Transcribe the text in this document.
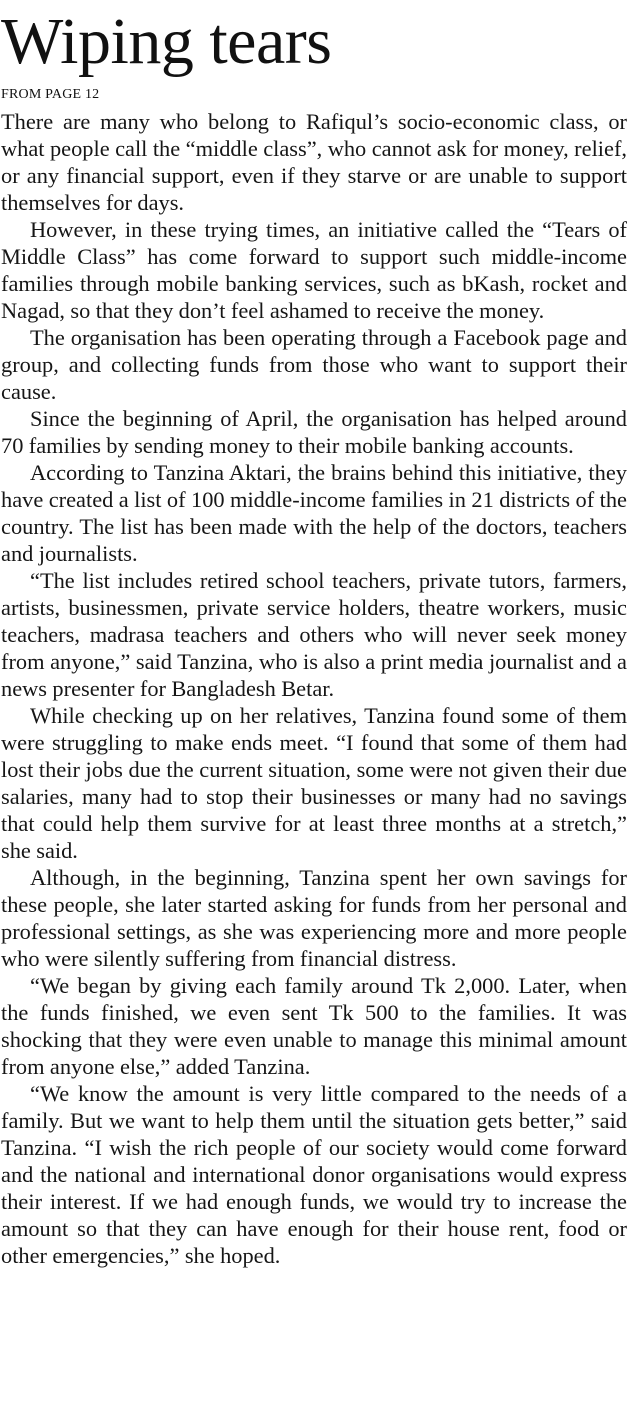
Wiping tears
FROM PAGE 12

There are many who belong to Rafiqul’s socio-economic class, or what people call the “middle class”, who cannot ask for money, relief, or any financial support, even if they starve or are unable to support themselves for days.

However, in these trying times, an initiative called the “Tears of Middle Class” has come forward to support such middle-income families through mobile banking services, such as bKash, rocket and Nagad, so that they don’t feel ashamed to receive the money.

The organisation has been operating through a Facebook page and group, and collecting funds from those who want to support their cause.

Since the beginning of April, the organisation has helped around 70 families by sending money to their mobile banking accounts.

According to Tanzina Aktari, the brains behind this initiative, they have created a list of 100 middle-income families in 21 districts of the country. The list has been made with the help of the doctors, teachers and journalists.

“The list includes retired school teachers, private tutors, farmers, artists, businessmen, private service holders, theatre workers, music teachers, madrasa teachers and others who will never seek money from anyone,” said Tanzina, who is also a print media journalist and a news presenter for Bangladesh Betar.

While checking up on her relatives, Tanzina found some of them were struggling to make ends meet. “I found that some of them had lost their jobs due the current situation, some were not given their due salaries, many had to stop their businesses or many had no savings that could help them survive for at least three months at a stretch,” she said.

Although, in the beginning, Tanzina spent her own savings for these people, she later started asking for funds from her personal and professional settings, as she was experiencing more and more people who were silently suffering from financial distress.

“We began by giving each family around Tk 2,000. Later, when the funds finished, we even sent Tk 500 to the families. It was shocking that they were even unable to manage this minimal amount from anyone else,” added Tanzina.

“We know the amount is very little compared to the needs of a family. But we want to help them until the situation gets better,” said Tanzina. “I wish the rich people of our society would come forward and the national and international donor organisations would express their interest. If we had enough funds, we would try to increase the amount so that they can have enough for their house rent, food or other emergencies,” she hoped.
